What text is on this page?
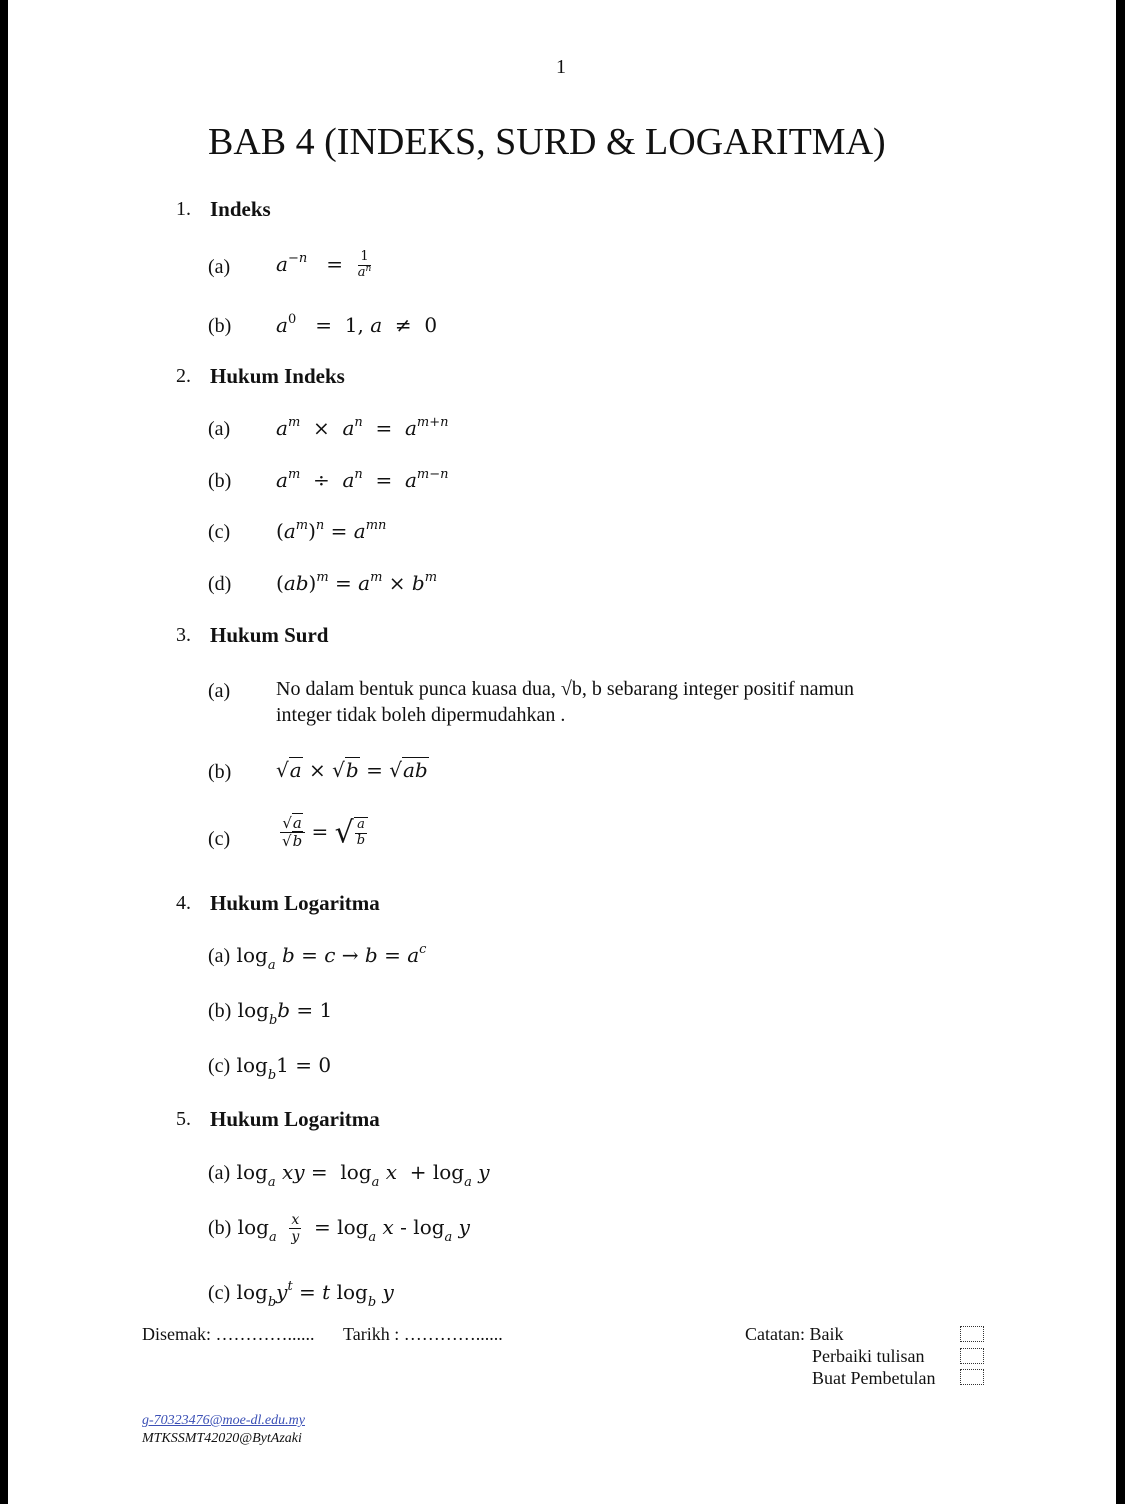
1
BAB 4 (INDEKS, SURD & LOGARITMA)
1. Indeks
(a) $a^{-n} = \frac{1}{a^n}$
(b) $a^0 = 1$, a  ≠  0
2. Hukum Indeks
(a) $a^m \times a^n = a^{m+n}$
(b) $a^m \div a^n = a^{m-n}$
(c) $(a^m)^n = a^{mn}$
(d) $(ab)^m = a^m \times b^m$
3. Hukum Surd
(a) No dalam bentuk punca kuasa dua, √b, b sebarang integer positif namun
integer tidak boleh dipermudahkan .
(b) √a × √b = √ab
(c)	$\frac{√a}{√b}$ = √ $\frac{a}{b}$
4. Hukum Logaritma
(a) $\log_a b = c \to b = a^c$
(b) $\log_bb = 1$
(c) $\log_b1 = 0$
5. Hukum Logaritma
(a) $\log_a$ xy =  $\log_a x + \log_a y$
(b) $\log_a \frac{x}{y} = \log_a x - \log_a y$
(c) $\log_by^t = t$ $\log_b y$
Disemak: …………...... Tarikh : …………......	Catatan: Baik
Perbaiki tulisan
Buat Pembetulan
g-70323476@moe-dl.edu.my
MTKSSMT42020@BytAzaki
